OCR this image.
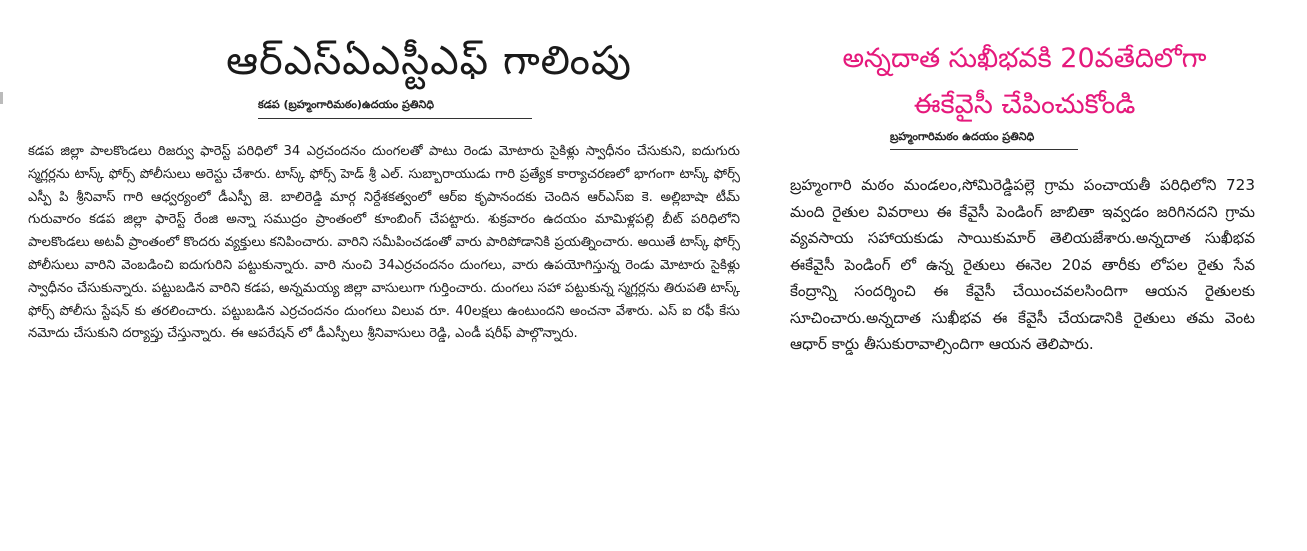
ఆర్‌ఎస్‌ఏఎస్టీఎఫ్ గాలింపు
కడప (బ్రహ్మంగారిమఠం)ఉదయం ప్రతినిధి

కడప జిల్లా పాలకొండలు రిజర్వు ఫారెస్ట్ పరిధిలో 34 ఎర్రచందనం దుంగలతో పాటు రెండు మోటారు సైకిళ్లు స్వాధీనం చేసుకుని, ఐదుగురు స్మగ్లర్లను టాస్క్ ఫోర్స్ పోలీసులు అరెస్టు చేశారు. టాస్క్ ఫోర్స్ హెడ్ శ్రీ ఎల్. సుబ్బారాయుడు గారి ప్రత్యేక కార్యాచరణలో భాగంగా టాస్క్ ఫోర్స్ ఎస్పీ పి శ్రీనివాస్ గారి ఆధ్వర్యంలో డీఎస్పీ జె. బాలిరెడ్డి మార్గ నిర్దేశకత్వంలో ఆర్ఐ కృపానందకు చెందిన ఆర్ఎస్ఐ కె. అల్లిబాషా టీమ్ గురువారం కడప జిల్లా ఫారెస్ట్ రేంజి అన్నా సముద్రం ప్రాంతంలో కూంబింగ్ చేపట్టారు. శుక్రవారం ఉదయం మామిళ్లపల్లి బీట్ పరిధిలోని పాలకొండలు అటవీ ప్రాంతంలో కొందరు వ్యక్తులు కనిపించారు. వారిని సమీపించడంతో వారు పారిపోడానికి ప్రయత్నించారు. అయితే టాస్క్ ఫోర్స్ పోలీసులు వారిని వెంబడించి ఐదుగురిని పట్టుకున్నారు. వారి నుంచి 34ఎర్రచందనం దుంగలు, వారు ఉపయోగిస్తున్న రెండు మోటారు సైకిళ్లు స్వాధీనం చేసుకున్నారు. పట్టుబడిన వారిని కడప, అన్నమయ్య జిల్లా వాసులుగా గుర్తించారు. దుంగలు సహా పట్టుకున్న స్మగ్లర్లను తిరుపతి టాస్క్ ఫోర్స్ పోలీసు స్టేషన్ కు తరలించారు. పట్టుబడిన ఎర్రచందనం దుంగలు విలువ రూ. 40లక్షలు ఉంటుందని అంచనా వేశారు. ఎస్ ఐ రఫీ కేసు నమోదు చేసుకుని దర్యాప్తు చేస్తున్నారు. ఈ ఆపరేషన్ లో డీఎస్పీలు శ్రీనివాసులు రెడ్డి, ఎండీ షరీఫ్ పాల్గొన్నారు.

అన్నదాత సుఖీభవకి 20వతేదిలోగా
ఈకేవైసీ చేపించుకోండి
బ్రహ్మంగారిమఠం ఉదయం ప్రతినిధి

బ్రహ్మంగారి మఠం మండలం,సోమిరెడ్డిపల్లె గ్రామ పంచాయతీ పరిధిలోని 723 మంది రైతుల వివరాలు ఈ కేవైసీ పెండింగ్ జాబితా ఇవ్వడం జరిగినదని గ్రామ వ్యవసాయ సహాయకుడు సాయికుమార్ తెలియజేశారు.అన్నదాత సుఖీభవ ఈకేవైసీ పెండింగ్ లో ఉన్న రైతులు ఈనెల 20వ తారీకు లోపల రైతు సేవ కేంద్రాన్ని సందర్శించి ఈ కేవైసీ చేయించవలసిందిగా ఆయన రైతులకు సూచించారు.అన్నదాత సుఖీభవ ఈ కేవైసీ చేయడానికి రైతులు తమ వెంట ఆధార్ కార్డు తీసుకురావాల్సిందిగా ఆయన తెలిపారు.
